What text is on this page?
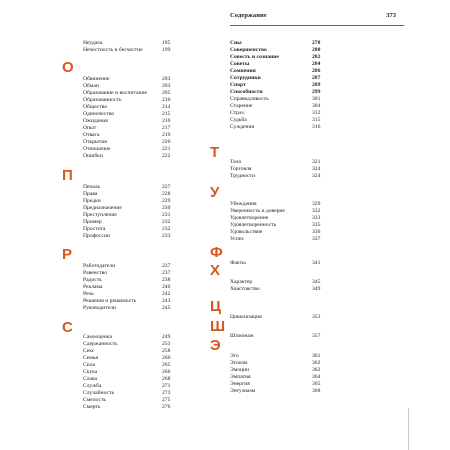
Содержание	373
Неудача	195
Нечестность и бесчестие	199
О
Обвинение	203
Обман	203
Образование и воспитание	205
Образованность	210
Общество	214
Одиночество	215
Ожидания	216
Опыт	217
Отвага	219
Открытия	220
Отношение	221
Ошибки	222
П
Печаль	227
Права	228
Предки	229
Предназначение	230
Преступление	231
Пример	232
Простота	232
Профессии	233
Р
Работодатели	237
Равенство	237
Радость	238
Реклама	240
Речь	242
Решения и решимость	243
Руководители	245
С
Самооценка	249
Сдержанность	253
Секс	258
Семья	260
Сила	265
Скука	266
Слава	268
Служба	271
Случайность	273
Смелость	275
Смерть	276
Сны	278
Совершенство	280
Совесть и сознание	282
Советы	284
Сомнения	286
Сотрудники	287
Спорт	289
Способности	299
Справедливость	301
Старение	304
Страх	312
Судьба	315
Суждения	316
Т
Тело	321
Торговля	324
Трудности	324
У
Убеждения	329
Уверенность и доверие	332
Удовлетворение	333
Удовлетворенность	335
Удовольствие	336
Успех	337
Ф
Факты	341
Х
Характер	345
Хвастовство	349
Ц
Цивилизация	353
Ш
Шпионаж	357
Э
Эго	361
Эгоизм	362
Эмоции	362
Эмпатия	364
Энергия	365
Энтузиазм	368
